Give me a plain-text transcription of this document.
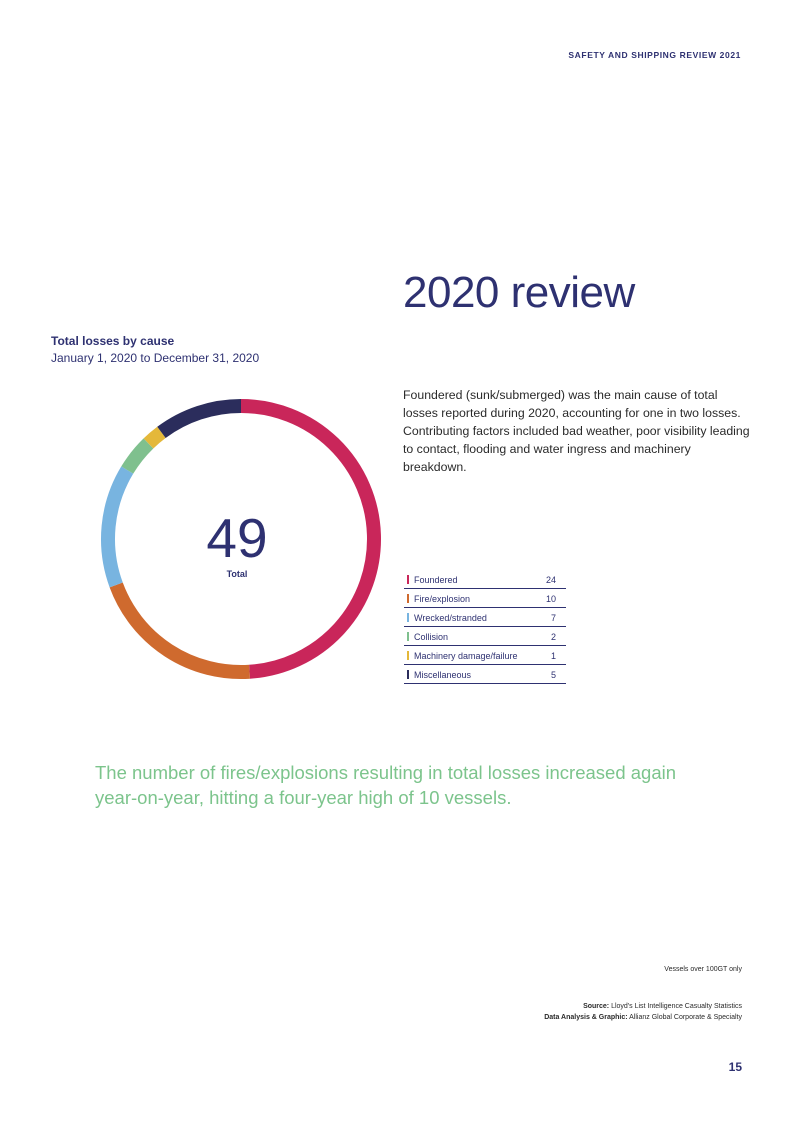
SAFETY AND SHIPPING REVIEW 2021
2020 review
Total losses by cause
January 1, 2020 to December 31, 2020

Foundered (sunk/submerged) was the main cause of total losses reported during 2020, accounting for one in two losses. Contributing factors included bad weather, poor visibility leading to contact, flooding and water ingress and machinery breakdown.

49
Total
Foundered	24
Fire/explosion	10
Wrecked/stranded	7
Collision	2
Machinery damage/failure	1
Miscellaneous	5

The number of fires/explosions resulting in total losses increased again year-on-year, hitting a four-year high of 10 vessels.

Vessels over 100GT only
Source: Lloyd's List Intelligence Casualty Statistics
Data Analysis & Graphic: Allianz Global Corporate & Specialty
15
